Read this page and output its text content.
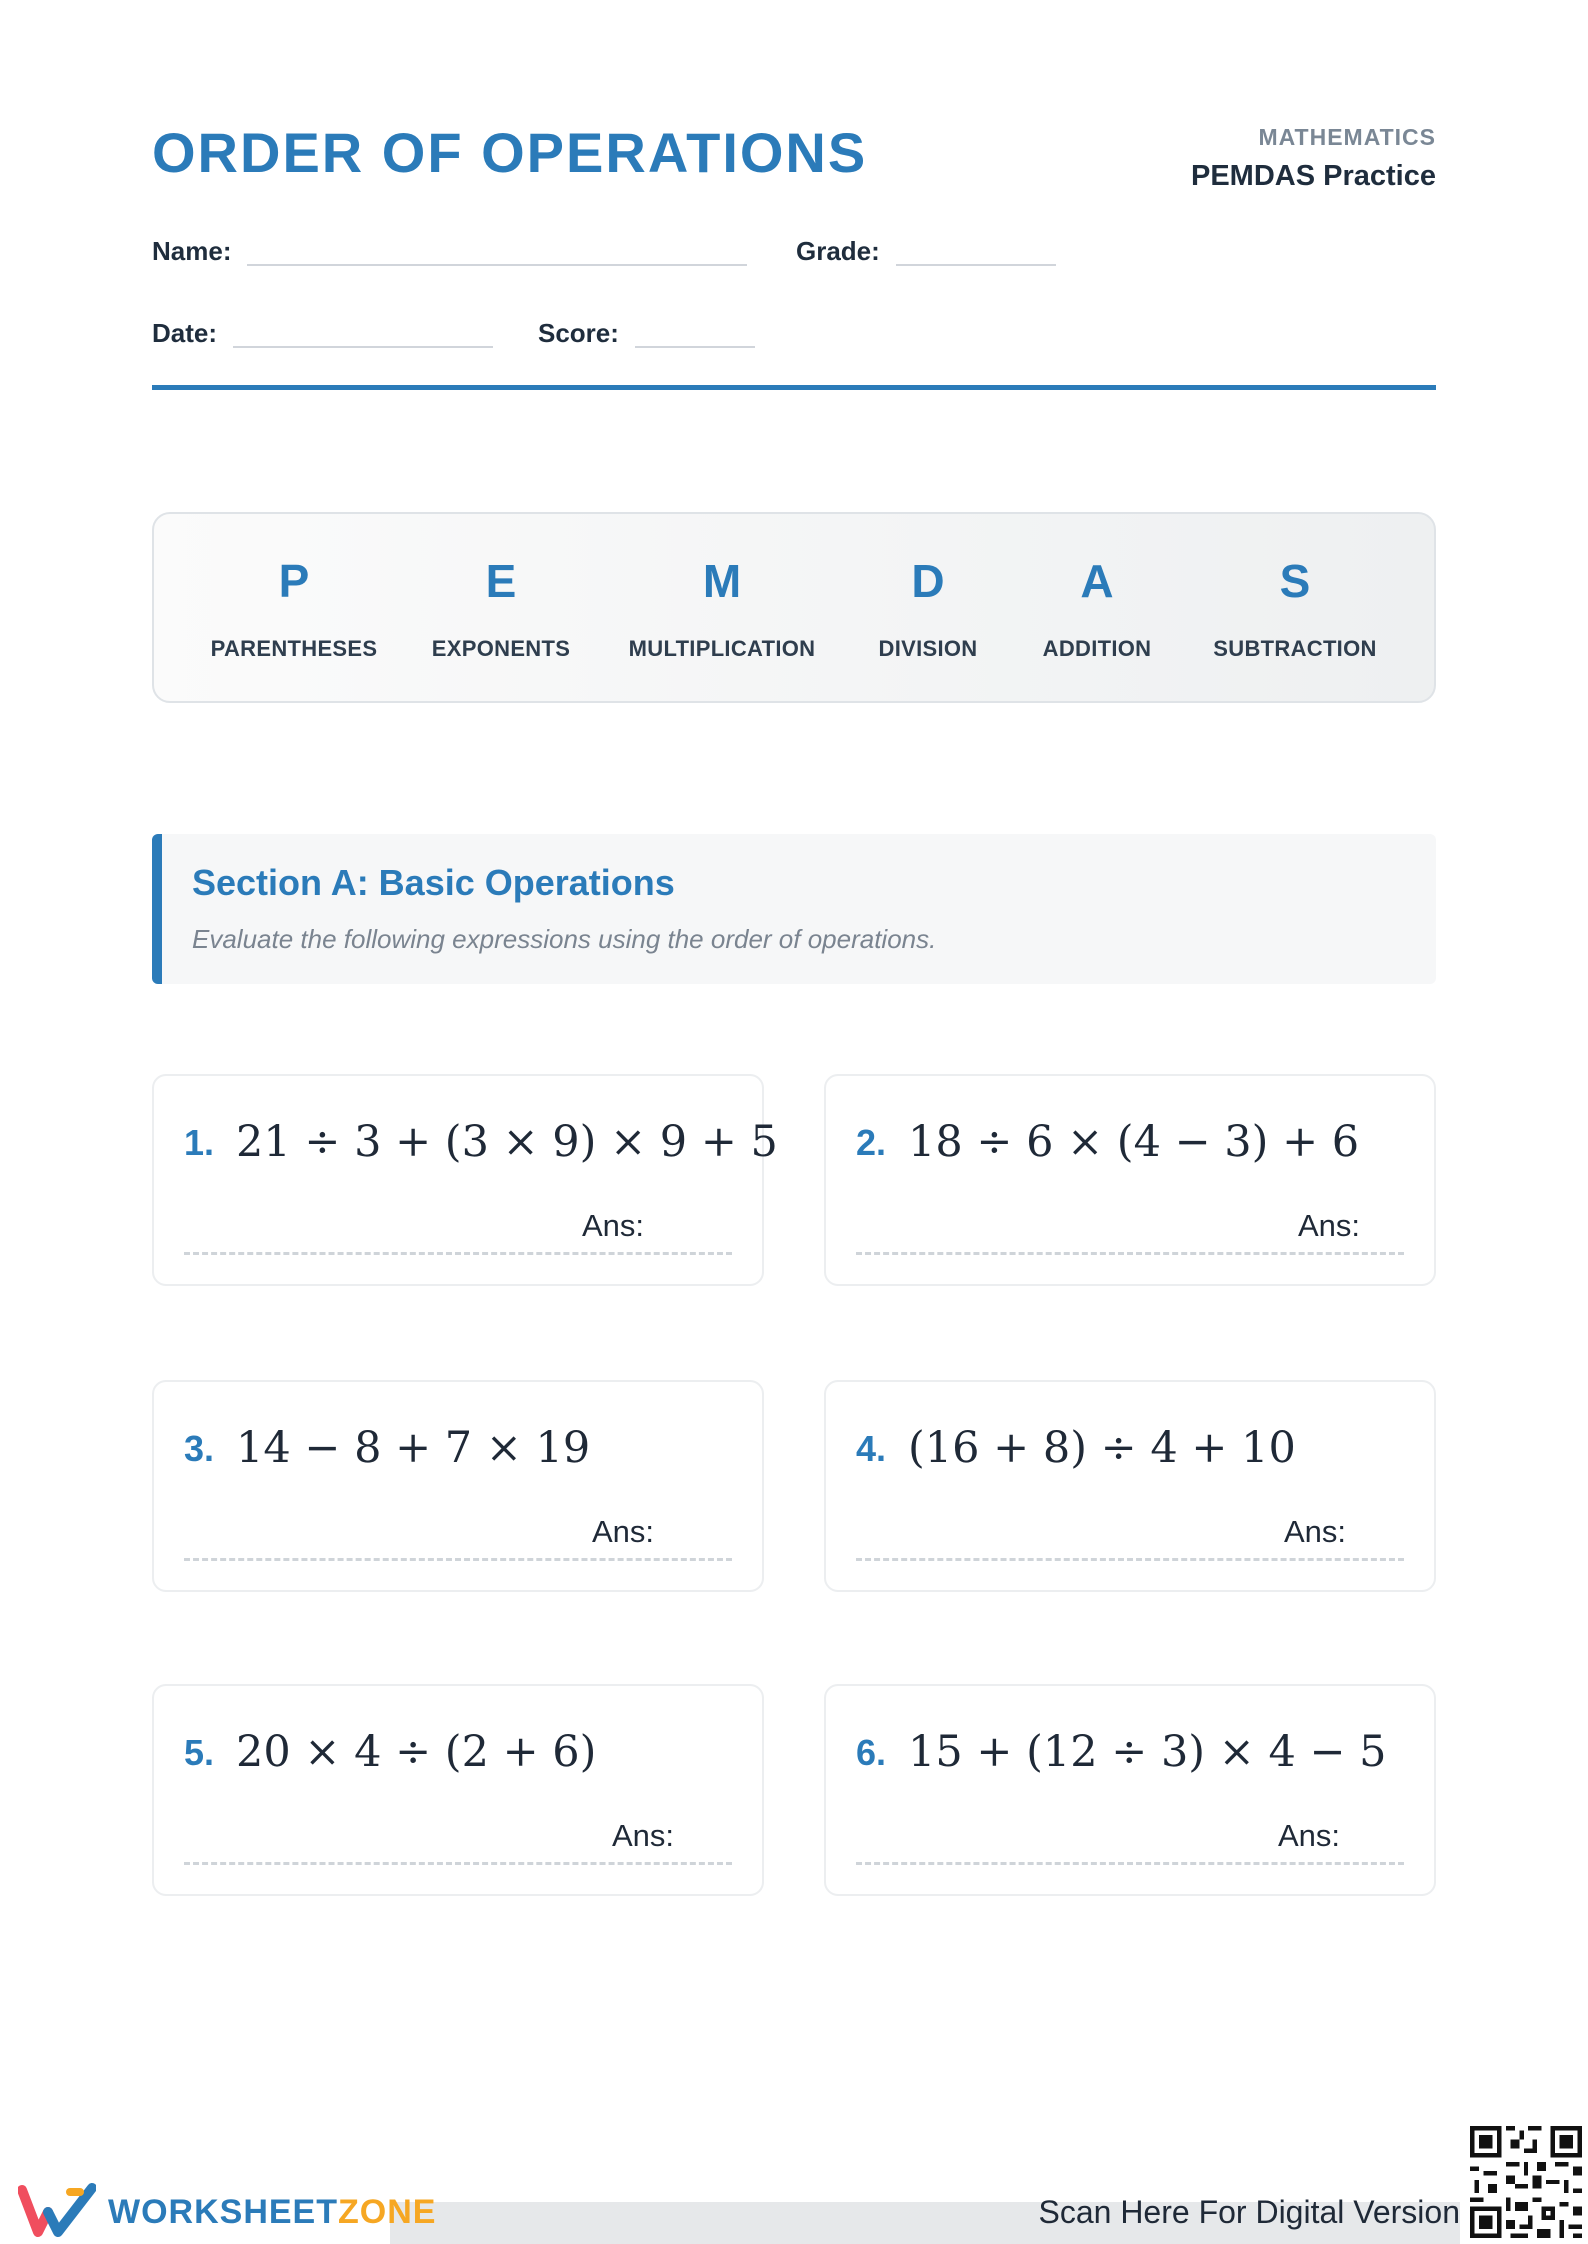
ORDER OF OPERATIONS	MATHEMATICS
PEMDAS Practice
Name:	Grade:
Date:	Score:
P
PARENTHESES
E
EXPONENTS
M
MULTIPLICATION
D
DIVISION
A
ADDITION
S
SUBTRACTION
Section A: Basic Operations
Evaluate the following expressions using the order of operations.
1. 21 ÷ 3 + (3 × 9) × 9 + 5
Ans:
2. 18 ÷ 6 × (4 − 3) + 6
Ans:
3. 14 − 8 + 7 × 19
Ans:
4. (16 + 8) ÷ 4 + 10
Ans:
5. 20 × 4 ÷ (2 + 6)
Ans:
6. 15 + (12 ÷ 3) × 4 − 5
Ans:
WORKSHEETZONE	Scan Here For Digital Version
